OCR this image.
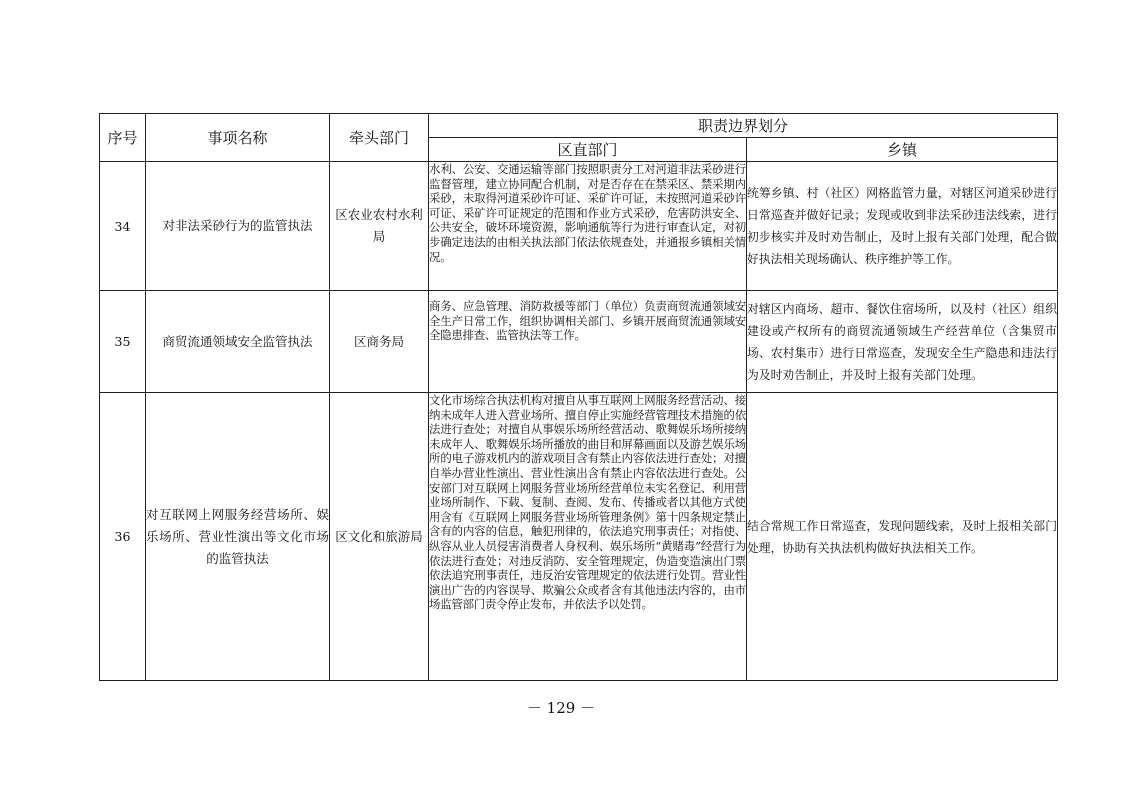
序号	事项名称	牵头部门	职责边界划分	
			区直部门	乡镇
34	对非法采砂行为的监管执法	区农业农村水利局	水利、公安、交通运输等部门按照职责分工对河道非法采砂进行监督管理，建立协同配合机制，对是否存在在禁采区、禁采期内采砂，未取得河道采砂许可证、采矿许可证，未按照河道采砂许可证、采矿许可证规定的范围和作业方式采砂，危害防洪安全、公共安全，破坏环境资源，影响通航等行为进行审查认定，对初步确定违法的由相关执法部门依法依规查处，并通报乡镇相关情况。	统筹乡镇、村（社区）网格监管力量，对辖区河道采砂进行日常巡查并做好记录；发现或收到非法采砂违法线索，进行初步核实并及时劝告制止，及时上报有关部门处理，配合做好执法相关现场确认、秩序维护等工作。
35	商贸流通领域安全监管执法	区商务局	商务、应急管理、消防救援等部门（单位）负责商贸流通领域安全生产日常工作，组织协调相关部门、乡镇开展商贸流通领域安全隐患排查、监管执法等工作。	对辖区内商场、超市、餐饮住宿场所，以及村（社区）组织建设或产权所有的商贸流通领域生产经营单位（含集贸市场、农村集市）进行日常巡查，发现安全生产隐患和违法行为及时劝告制止，并及时上报有关部门处理。
36	对互联网上网服务经营场所、娱乐场所、营业性演出等文化市场的监管执法	区文化和旅游局	文化市场综合执法机构对擅自从事互联网上网服务经营活动、接纳未成年人进入营业场所、擅自停止实施经营管理技术措施的依法进行查处；对擅自从事娱乐场所经营活动、歌舞娱乐场所接纳未成年人、歌舞娱乐场所播放的曲目和屏幕画面以及游艺娱乐场所的电子游戏机内的游戏项目含有禁止内容依法进行查处；对擅自举办营业性演出、营业性演出含有禁止内容依法进行查处。公安部门对互联网上网服务营业场所经营单位未实名登记、利用营业场所制作、下载、复制、查阅、发布、传播或者以其他方式使用含有《互联网上网服务营业场所管理条例》第十四条规定禁止含有的内容的信息，触犯刑律的，依法追究刑事责任；对指使、纵容从业人员侵害消费者人身权利、娱乐场所“黄赌毒”经营行为依法进行查处；对违反消防、安全管理规定，伪造变造演出门票依法追究刑事责任，违反治安管理规定的依法进行处罚。营业性演出广告的内容误导、欺骗公众或者含有其他违法内容的，由市场监管部门责令停止发布，并依法予以处罚。	结合常规工作日常巡查，发现问题线索，及时上报相关部门处理，协助有关执法机构做好执法相关工作。
－ 129 －
